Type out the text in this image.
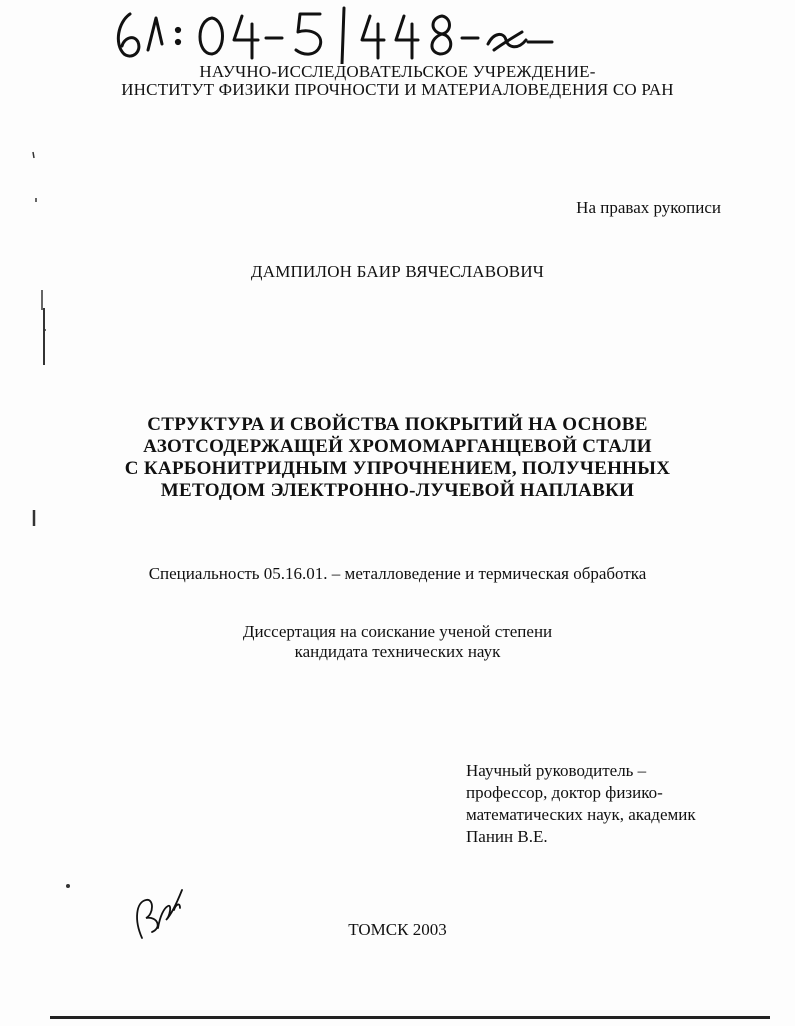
НАУЧНО-ИССЛЕДОВАТЕЛЬСКОЕ УЧРЕЖДЕНИЕ-
ИНСТИТУТ ФИЗИКИ ПРОЧНОСТИ И МАТЕРИАЛОВЕДЕНИЯ СО РАН
На правах рукописи
ДАМПИЛОН БАИР ВЯЧЕСЛАВОВИЧ
СТРУКТУРА И СВОЙСТВА ПОКРЫТИЙ НА ОСНОВЕ
АЗОТСОДЕРЖАЩЕЙ ХРОМОМАРГАНЦЕВОЙ СТАЛИ
С КАРБОНИТРИДНЫМ УПРОЧНЕНИЕМ, ПОЛУЧЕННЫХ
МЕТОДОМ ЭЛЕКТРОННО-ЛУЧЕВОЙ НАПЛАВКИ
Специальность 05.16.01. – металловедение и термическая обработка
Диссертация на соискание ученой степени
кандидата технических наук
Научный руководитель –
профессор, доктор физико-
математических наук, академик
Панин В.Е.
ТОМСК 2003
